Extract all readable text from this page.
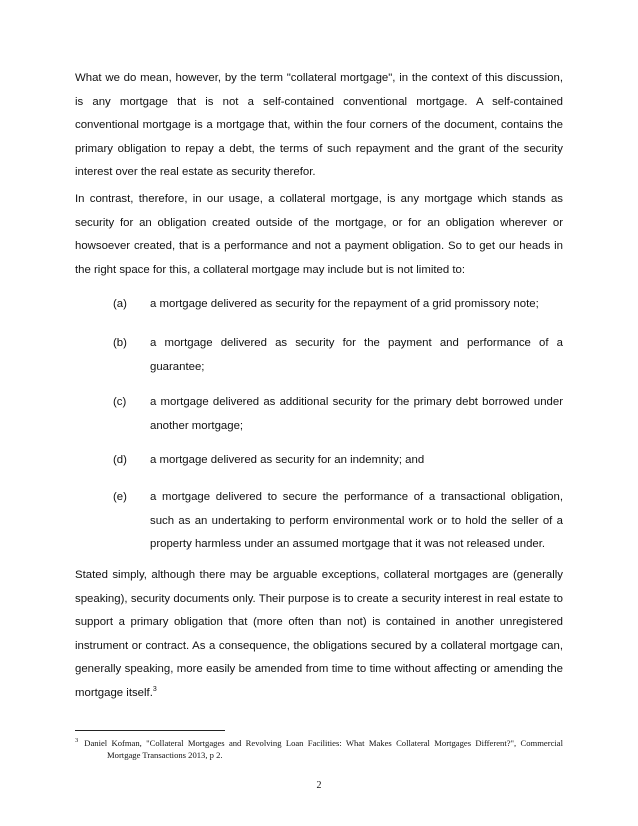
What we do mean, however, by the term "collateral mortgage", in the context of this discussion, is any mortgage that is not a self-contained conventional mortgage. A self-contained conventional mortgage is a mortgage that, within the four corners of the document, contains the primary obligation to repay a debt, the terms of such repayment and the grant of the security interest over the real estate as security therefor.

In contrast, therefore, in our usage, a collateral mortgage, is any mortgage which stands as security for an obligation created outside of the mortgage, or for an obligation wherever or howsoever created, that is a performance and not a payment obligation. So to get our heads in the right space for this, a collateral mortgage may include but is not limited to:

(a) a mortgage delivered as security for the repayment of a grid promissory note;
(b) a mortgage delivered as security for the payment and performance of a guarantee;
(c) a mortgage delivered as additional security for the primary debt borrowed under another mortgage;
(d) a mortgage delivered as security for an indemnity; and
(e) a mortgage delivered to secure the performance of a transactional obligation, such as an undertaking to perform environmental work or to hold the seller of a property harmless under an assumed mortgage that it was not released under.

Stated simply, although there may be arguable exceptions, collateral mortgages are (generally speaking), security documents only. Their purpose is to create a security interest in real estate to support a primary obligation that (more often than not) is contained in another unregistered instrument or contract. As a consequence, the obligations secured by a collateral mortgage can, generally speaking, more easily be amended from time to time without affecting or amending the mortgage itself.$^3$

$^3$ Daniel Kofman, "Collateral Mortgages and Revolving Loan Facilities: What Makes Collateral Mortgages Different?", Commercial Mortgage Transactions 2013, p 2.
2
